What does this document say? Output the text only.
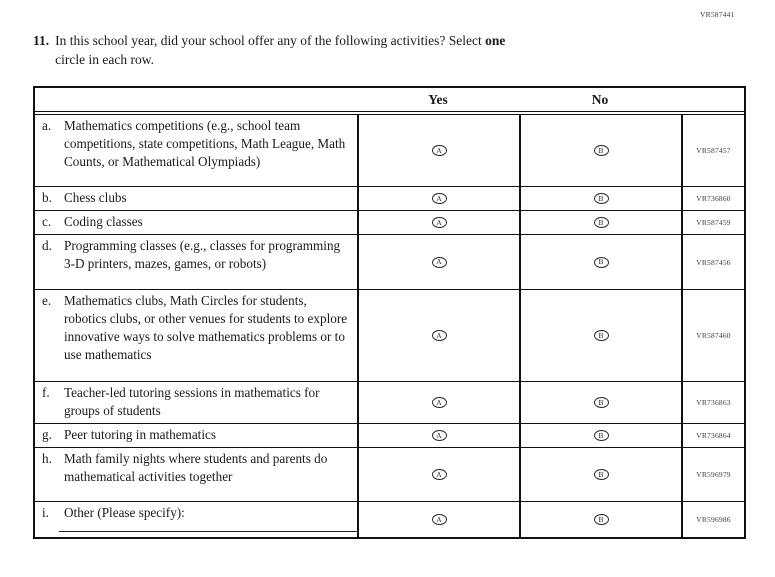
VR587441
11. In this school year, did your school offer any of the following activities? Select one
circle in each row.
Yes	No
a. Mathematics competitions (e.g., school team competitions, state competitions, Math League, Math Counts, or Mathematical Olympiads)
A	B	VR587457
b. Chess clubs	A	B	VR736860
c. Coding classes	A	B	VR587459
d. Programming classes (e.g., classes for programming 3-D printers, mazes, games, or robots)	A	B	VR587456
e. Mathematics clubs, Math Circles for students, robotics clubs, or other venues for students to explore innovative ways to solve mathematics problems or to use mathematics
A	B	VR587460
f.	Teacher-led tutoring sessions in mathematics for groups of students
A	B	VR736863
g. Peer tutoring in mathematics	A	B	VR736864
h. Math family nights where students and parents do mathematical activities together	A	B	VR596979
i.	Other (Please specify):	A	B	VR596986
